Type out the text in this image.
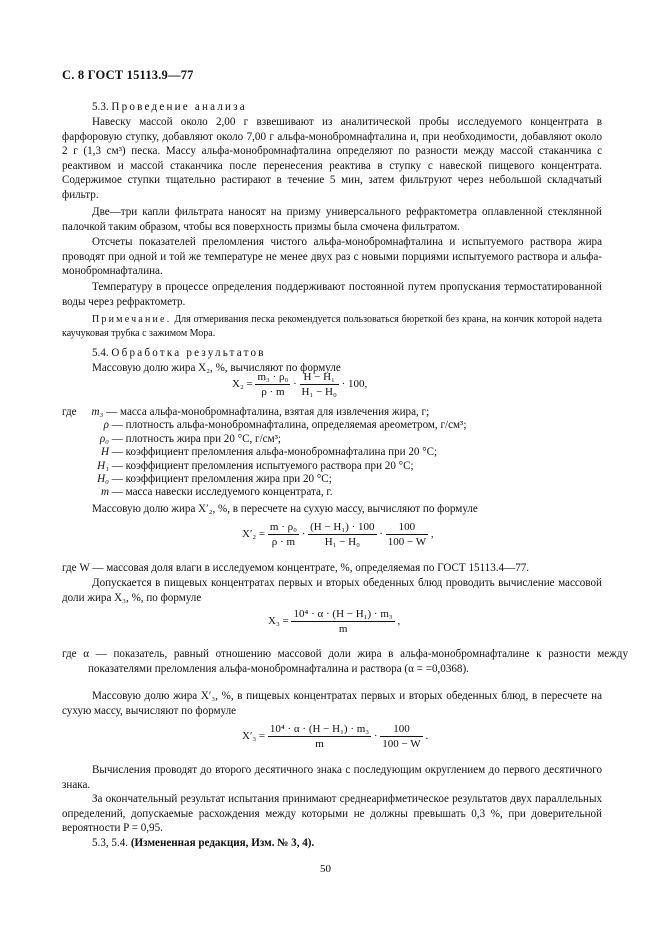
С. 8 ГОСТ 15113.9—77
5.3. Проведение анализа
Навеску массой около 2,00 г взвешивают из аналитической пробы исследуемого концентрата в фарфоровую ступку, добавляют около 7,00 г альфа-монобромнафталина и, при необходимости, добавляют около 2 г (1,3 см³) песка. Массу альфа-монобромнафталина определяют по разности между массой стаканчика с реактивом и массой стаканчика после перенесения реактива в ступку с навеской пищевого концентрата. Содержимое ступки тщательно растирают в течение 5 мин, затем фильтруют через небольшой складчатый фильтр.
Две—три капли фильтрата наносят на призму универсального рефрактометра оплавленной стеклянной палочкой таким образом, чтобы вся поверхность призмы была смочена фильтратом.
Отсчеты показателей преломления чистого альфа-монобромнафталина и испытуемого раствора жира проводят при одной и той же температуре не менее двух раз с новыми порциями испытуемого раствора и альфа-монобромнафталина.
Температуру в процессе определения поддерживают постоянной путем пропускания термостатированной воды через рефрактометр.
Примечание. Для отмеривания песка рекомендуется пользоваться бюреткой без крана, на кончик которой надета каучуковая трубка с зажимом Мора.
5.4. Обработка результатов
Массовую долю жира X₂, %, вычисляют по формуле
$X_2 = \frac{\text{m₃ · ρ₀}}{\rho \cdot m} \cdot \frac{\text{H − H₁}}{\text{H₁ − H₀}} \cdot 100$,
где m₃ — масса альфа-монобромнафталина, взятая для извлечения жира, г;
ρ — плотность альфа-монобромнафталина, определяемая ареометром, г/см³;
ρ₀ — плотность жира при 20 °С, г/см³;
H — коэффициент преломления альфа-монобромнафталина при 20 °С;
H₁ — коэффициент преломления испытуемого раствора при 20 °С;
H₀ — коэффициент преломления жира при 20 °С;
m — масса навески исследуемого концентрата, г.
Массовую долю жира X′₂, %, в пересчете на сухую массу, вычисляют по формуле
$X'_2 = \frac{\text{m · ρ₀}}{\rho \cdot m} \cdot \frac{\text{(H − H₁) · 100}}{\text{H₁ − H₀}} \cdot \frac{100}{100 - W}$ ,
где W — массовая доля влаги в исследуемом концентрате, %, определяемая по ГОСТ 15113.4—77.
Допускается в пищевых концентратах первых и вторых обеденных блюд проводить вычисление массовой доли жира X₃, %, по формуле
$X_3 = \frac{\text{10⁴ · α · (H − H₁) · m₃}}{m}$ ,
где α — показатель, равный отношению массовой доли жира в альфа-монобромнафталине к разности между показателями преломления альфа-монобромнафталина и раствора (α = =0,0368).
Массовую долю жира X′₃, %, в пищевых концентратах первых и вторых обеденных блюд, в пересчете на сухую массу, вычисляют по формуле
$X'_3 = \frac{\text{10⁴ · α · (H − H₁) · m₃}}{m} \cdot \frac{100}{100 - W}$ .
Вычисления проводят до второго десятичного знака с последующим округлением до первого десятичного знака.
За окончательный результат испытания принимают среднеарифметическое результатов двух параллельных определений, допускаемые расхождения между которыми не должны превышать 0,3 %, при доверительной вероятности P = 0,95.
5.3, 5.4. (Измененная редакция, Изм. № 3, 4).
50
